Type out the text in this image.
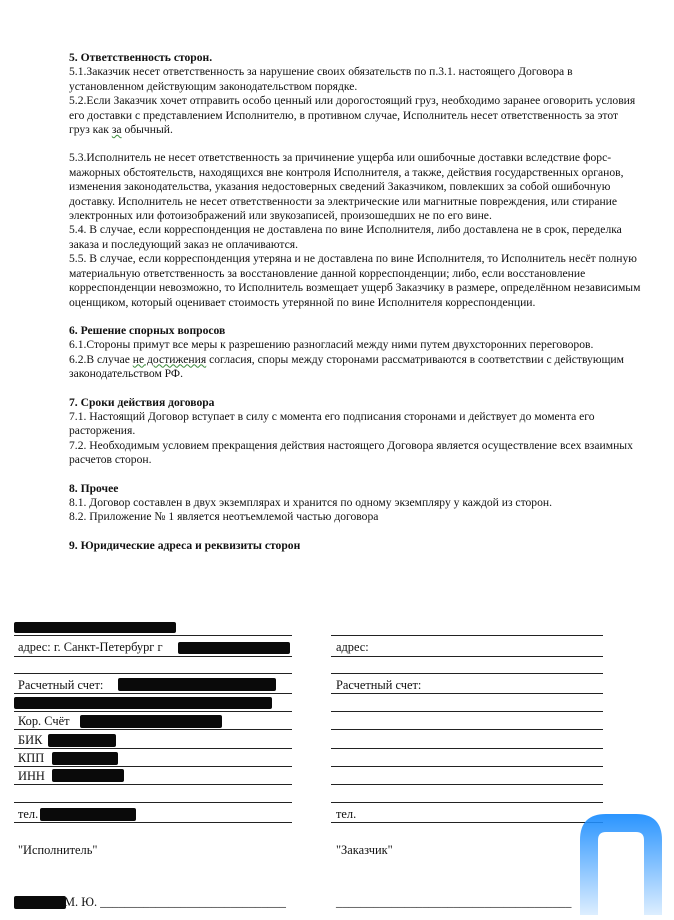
5. Ответственность сторон.

5.1.Заказчик несет ответственность за нарушение своих обязательств по п.3.1. настоящего Договора в установленном действующим законодательством порядке.

5.2.Если Заказчик хочет отправить особо ценный или дорогостоящий груз, необходимо заранее оговорить условия его доставки с представлением Исполнителю, в противном случае, Исполнитель несет ответственность за этот груз как за обычный.

5.3.Исполнитель не несет ответственность за причинение ущерба или ошибочные доставки вследствие форс-мажорных обстоятельств, находящихся вне контроля Исполнителя, а также, действия государственных органов, изменения законодательства, указания недостоверных сведений Заказчиком, повлекших за собой ошибочную доставку. Исполнитель не несет ответственности за электрические или магнитные повреждения, или стирание электронных или фотоизображений или звукозаписей, произошедших не по его вине.

5.4. В случае, если корреспонденция не доставлена по вине Исполнителя, либо доставлена не в срок, переделка заказа и последующий заказ не оплачиваются.

5.5. В случае, если корреспонденция утеряна и не доставлена по вине Исполнителя, то Исполнитель несёт полную материальную ответственность за восстановление данной корреспонденции; либо, если восстановление корреспонденции невозможно, то Исполнитель возмещает ущерб Заказчику в размере, определённом независимым оценщиком, который оценивает стоимость утерянной по вине Исполнителя корреспонденции.

6. Решение спорных вопросов

6.1.Стороны примут все меры к разрешению разногласий между ними путем двухсторонних переговоров.

6.2.В случае не достижения согласия, споры между сторонами рассматриваются в соответствии с действующим законодательством РФ.

7. Сроки действия договора

7.1. Настоящий Договор вступает в силу с момента его подписания сторонами и действует до момента его расторжения.

7.2. Необходимым условием прекращения действия настоящего Договора является осуществление всех взаимных расчетов сторон.

8. Прочее

8.1. Договор составлен в двух экземплярах и хранится по одному экземпляру у каждой из сторон.

8.2. Приложение № 1 является неотъемлемой частью договора

9. Юридические адреса и реквизиты сторон
адрес: г. Санкт-Петербург г
Расчетный счет:
Кор. Счёт
БИК
КПП
ИНН
тел.
"Исполнитель"
М. Ю. ______________________________
адрес:
Расчетный счет:
тел.
"Заказчик"
______________________________________
